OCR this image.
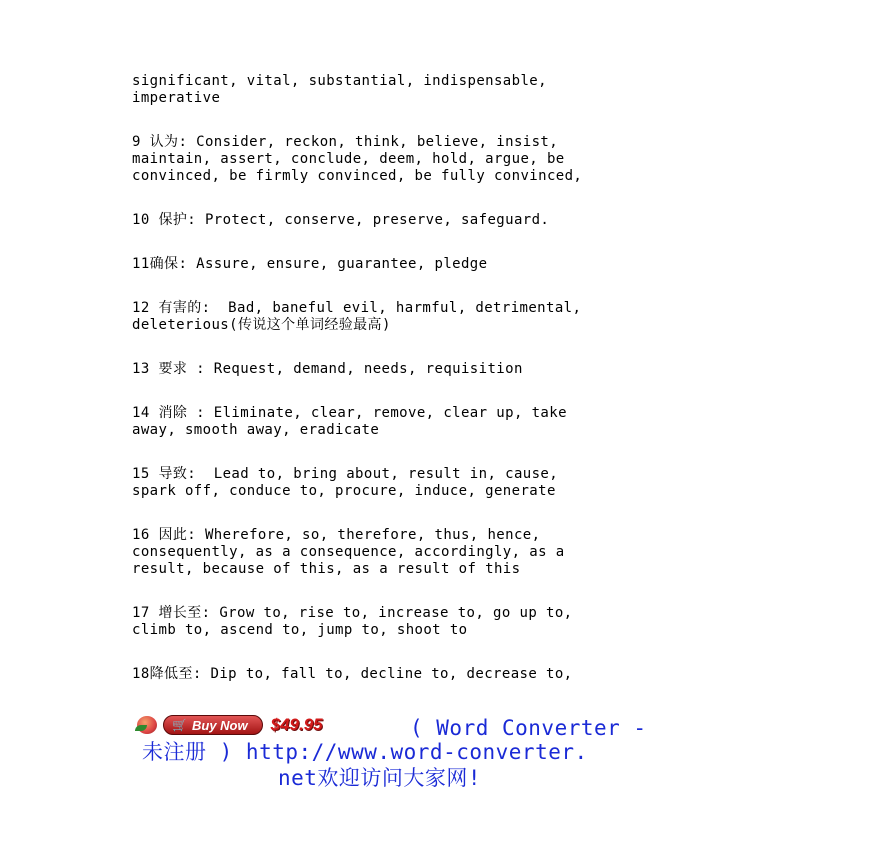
significant, vital, substantial, indispensable,
imperative

9 认为: Consider, reckon, think, believe, insist,
maintain, assert, conclude, deem, hold, argue, be
convinced, be firmly convinced, be fully convinced,

10 保护: Protect, conserve, preserve, safeguard.

11确保: Assure, ensure, guarantee, pledge

12 有害的:  Bad, baneful evil, harmful, detrimental,
deleterious(传说这个单词经验最高)

13 要求 : Request, demand, needs, requisition

14 消除 : Eliminate, clear, remove, clear up, take
away, smooth away, eradicate

15 导致:  Lead to, bring about, result in, cause,
spark off, conduce to, procure, induce, generate

16 因此: Wherefore, so, therefore, thus, hence,
consequently, as a consequence, accordingly, as a
result, because of this, as a result of this

17 增长至: Grow to, rise to, increase to, go up to,
climb to, ascend to, jump to, shoot to

18降低至: Dip to, fall to, decline to, decrease to,

🛒 Buy Now $49.95	( Word Converter -
未注册 ) http://www.word-converter.
net欢迎访问大家网!
